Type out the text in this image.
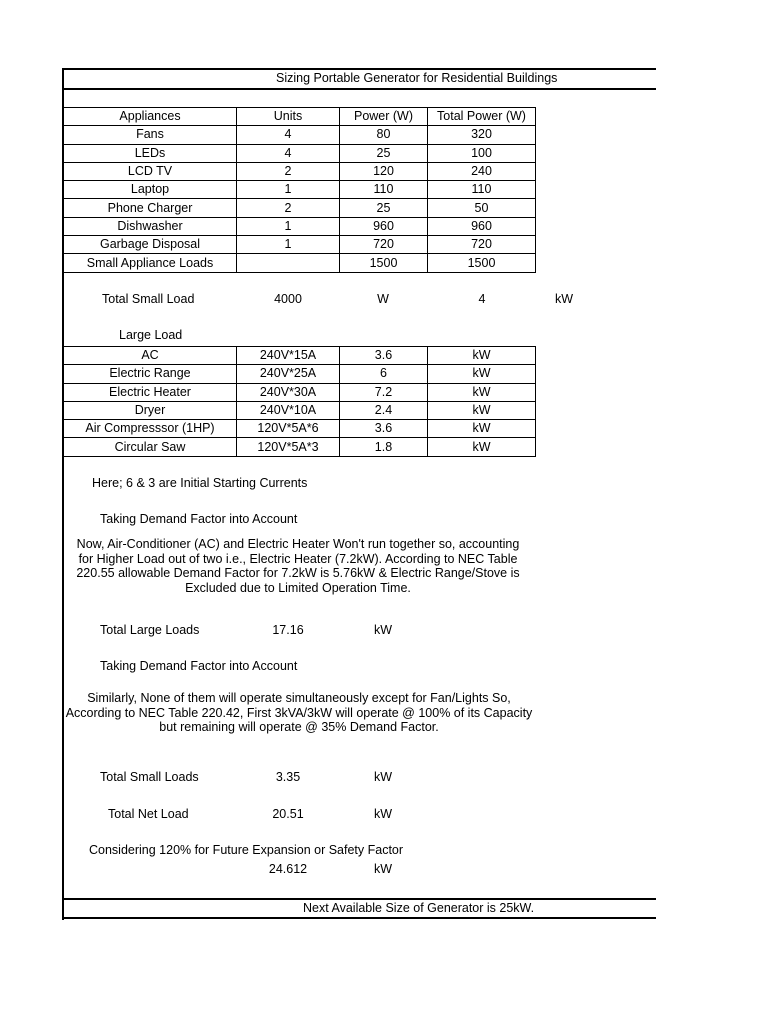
Sizing Portable Generator for Residential Buildings
Appliances	Units	Power (W)	Total Power (W)
Fans	4	80	320
LEDs	4	25	100
LCD TV	2	120	240
Laptop	1	110	110
Phone Charger	2	25	50
Dishwasher	1	960	960
Garbage Disposal	1	720	720
Small Appliance Loads		1500	1500
Total Small Load	4000	W	4	kW
Large Load
AC	240V*15A	3.6	kW
Electric Range	240V*25A	6	kW
Electric Heater	240V*30A	7.2	kW
Dryer	240V*10A	2.4	kW
Air Compresssor (1HP)	120V*5A*6	3.6	kW
Circular Saw	120V*5A*3	1.8	kW
Here; 6 & 3 are Initial Starting Currents
Taking Demand Factor into Account
Now, Air-Conditioner (AC) and Electric Heater Won't run together so, accounting
for Higher Load out of two i.e., Electric Heater (7.2kW). According to NEC Table
220.55 allowable Demand Factor for 7.2kW is 5.76kW & Electric Range/Stove is
Excluded due to Limited Operation Time.
Total Large Loads	17.16	kW
Taking Demand Factor into Account
Similarly, None of them will operate simultaneously except for Fan/Lights So,
According to NEC Table 220.42, First 3kVA/3kW will operate @ 100% of its Capacity
but remaining will operate @ 35% Demand Factor.
Total Small Loads	3.35	kW
Total Net Load	20.51	kW
Considering 120% for Future Expansion or Safety Factor
24.612	kW
Next Available Size of Generator is 25kW.
